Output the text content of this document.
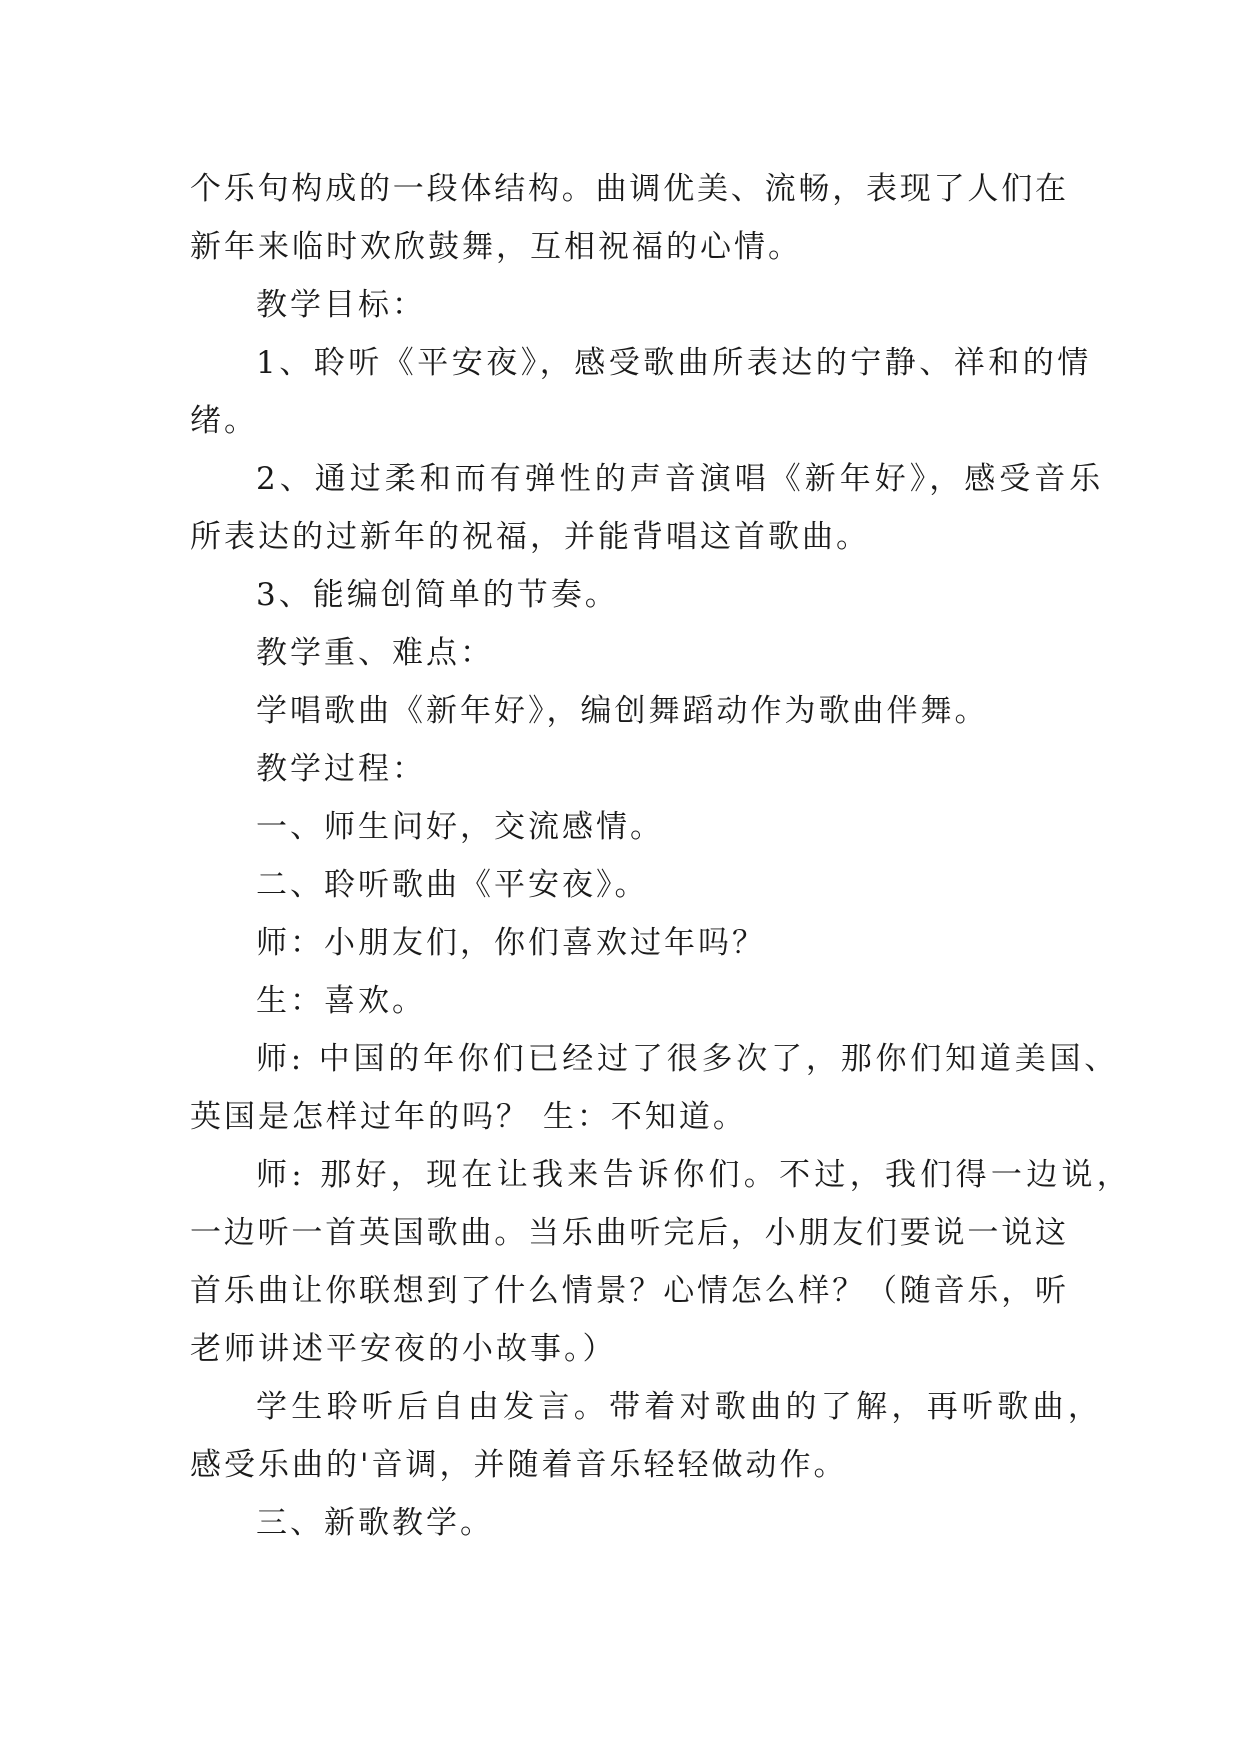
个乐句构成的一段体结构。曲调优美、流畅，表现了人们在
新年来临时欢欣鼓舞，互相祝福的心情。
教学目标：
1、聆听《平安夜》，感受歌曲所表达的宁静、祥和的情
绪。
2、通过柔和而有弹性的声音演唱《新年好》，感受音乐
所表达的过新年的祝福，并能背唱这首歌曲。
3、能编创简单的节奏。
教学重、难点：
学唱歌曲《新年好》，编创舞蹈动作为歌曲伴舞。
教学过程：
一、师生问好，交流感情。
二、聆听歌曲《平安夜》。
师：小朋友们，你们喜欢过年吗？
生：喜欢。
师: 中国的年你们已经过了很多次了，那你们知道美国、
英国是怎样过年的吗？ 生：不知道。
师: 那好，现在让我来告诉你们。不过，我们得一边说，
一边听一首英国歌曲。当乐曲听完后，小朋友们要说一说这
首乐曲让你联想到了什么情景？心情怎么样？（随音乐，听
老师讲述平安夜的小故事。）
学生聆听后自由发言。带着对歌曲的了解，再听歌曲，
感受乐曲的'音调，并随着音乐轻轻做动作。
三、新歌教学。
